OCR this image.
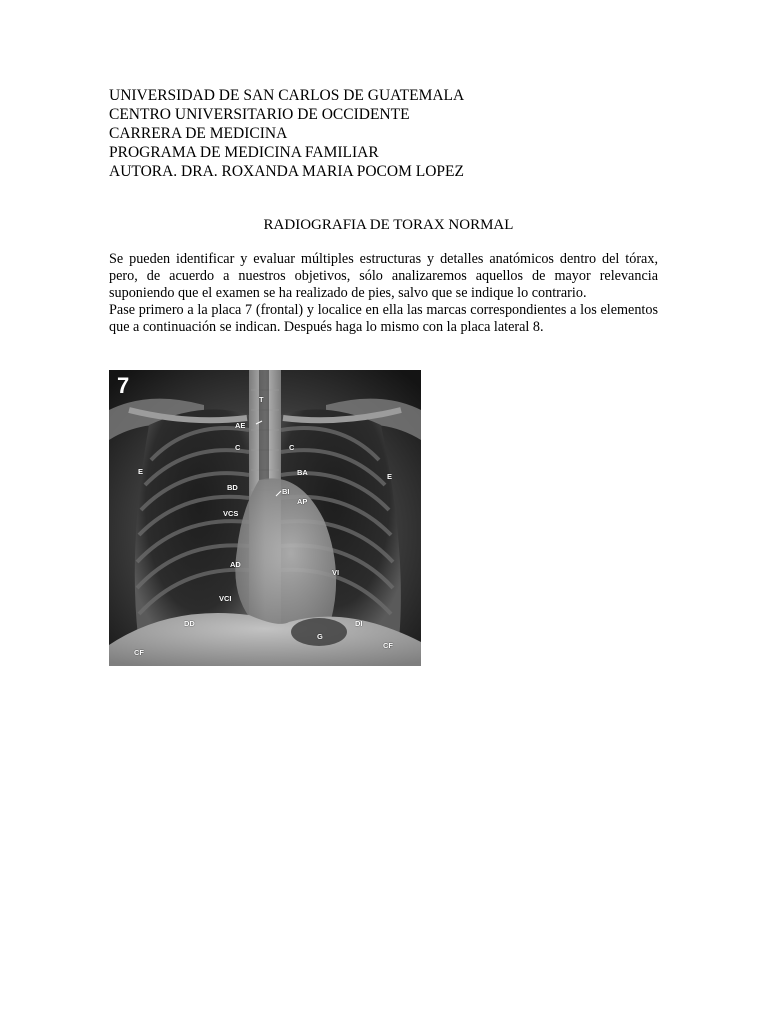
UNIVERSIDAD DE SAN CARLOS DE GUATEMALA
CENTRO UNIVERSITARIO DE OCCIDENTE
CARRERA DE MEDICINA
PROGRAMA DE MEDICINA FAMILIAR
AUTORA. DRA. ROXANDA MARIA POCOM LOPEZ
RADIOGRAFIA DE TORAX NORMAL

Se pueden identificar y evaluar múltiples estructuras y detalles anatómicos dentro del tórax, pero, de acuerdo a nuestros objetivos, sólo analizaremos aquellos de mayor relevancia suponiendo que el examen se ha realizado de pies, salvo que se indique lo contrario.

Pase primero a la placa 7 (frontal) y localice en ella las marcas correspondientes a los elementos que a continuación se indican. Después haga lo mismo con la placa lateral 8.

7
T
AE
C	C
E
E
BA
BD	BI
AP
VCS
AD
VI
VCI
DD	DI
G
CF
CF
